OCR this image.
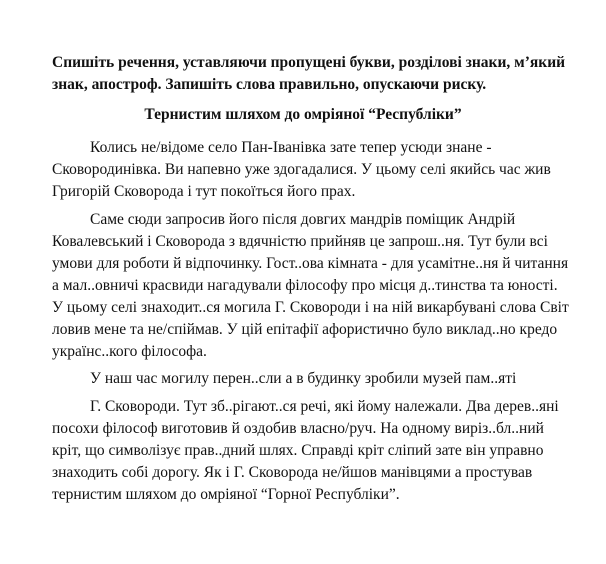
Спишіть речення, уставляючи пропущені букви, розділові знаки, м’який
знак, апостроф. Запишіть слова правильно, опускаючи риску.

Тернистим шляхом до омріяної “Республіки”

Колись не/відоме село Пан-Іванівка зате тепер усюди знане -
Сковородинівка. Ви напевно уже здогадалися. У цьому селі якийсь час жив
Григорій Сковорода і тут покоїться його прах.

Саме сюди запросив його після довгих мандрів поміщик Андрій
Ковалевський і Сковорода з вдячністю прийняв це запрош..ня. Тут були всі
умови для роботи й відпочинку. Гост..ова кімната - для усамітне..ня й читання
а мал..овничі красвиди нагадували філософу про місця д..тинства та юності.
У цьому селі знаходит..ся могила Г. Сковороди і на ній викарбувані слова Світ
ловив мене та не/спіймав. У цій епітафії афористично було виклад..но кредо
українс..кого філософа.

У наш час могилу перен..сли а в будинку зробили музей пам..яті

Г. Сковороди. Тут зб..рігают..ся речі, які йому належали. Два дерев..яні
посохи філософ виготовив й оздобив власно/руч. На одному виріз..бл..ний
кріт, що символізує прав..дний шлях. Справді кріт сліпий зате він управно
знаходить собі дорогу. Як і Г. Сковорода не/йшов манівцями а простував
тернистим шляхом до омріяної “Горної Республіки”.
